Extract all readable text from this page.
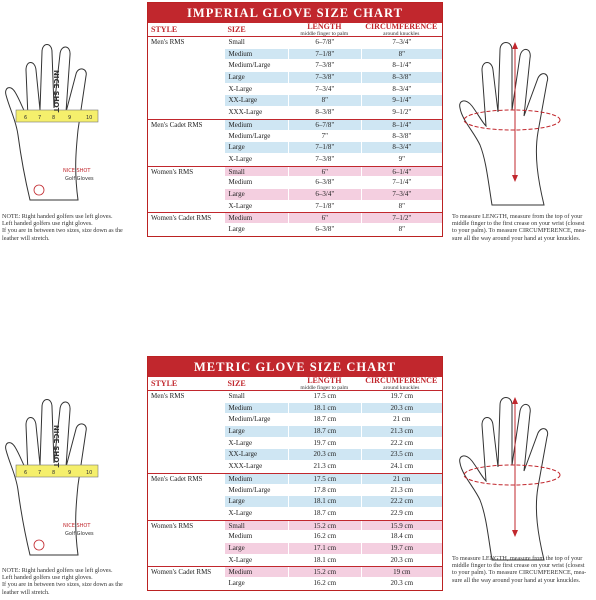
6 7 8	9	10
NICE SHOT
NICE SHOT
Golf Gloves
NOTE: Right handed golfers use left gloves.
Left handed golfers use right gloves.
If you are in between two sizes, size down as the
leather will stretch.
IMPERIAL GLOVE SIZE CHART
STYLE	SIZE	LENGTH
middle finger to palm
CIRCUMFERENCE
around knuckles
Men's RMS	Small	6–7/8"	7–3/4"
Medium	7–1/8"	8"
Medium/Large	7–3/8"	8–1/4"
Large	7–3/8"	8–3/8"
X-Large	7–3/4"	8–3/4"
XX-Large	8"	9–1/4"
XXX-Large	8–3/8"	9–1/2"
Men's Cadet RMS	Medium	6–7/8"	8–1/4"
Medium/Large	7"	8–3/8"
Large	7–1/8"	8–3/4"
X-Large	7–3/8"	9"
Women's RMS	Small	6"	6–1/4"
Medium	6–3/8"	7–1/4"
Large	6–3/4"	7–3/4"
X-Large	7–1/8"	8"
Women's Cadet RMS	Medium	6"	7–1/2"
Large	6–3/8"	8"
To measure LENGTH, measure from the top of your
middle finger to the first crease on your wrist (closest
to your palm). To measure CIRCUMFERENCE, mea-
sure all the way around your hand at your knuckles.
6 7 8	9	10
NICE SHOT
NICE SHOT
Golf Gloves
NOTE: Right handed golfers use left gloves.
Left handed golfers use right gloves.
If you are in between two sizes, size down as the
leather will stretch.
METRIC GLOVE SIZE CHART
STYLE	SIZE	LENGTH
middle finger to palm
CIRCUMFERENCE
around knuckles
Men's RMS	Small	17.5 cm	19.7 cm
Medium	18.1 cm	20.3 cm
Medium/Large	18.7 cm	21 cm
Large	18.7 cm	21.3 cm
X-Large	19.7 cm	22.2 cm
XX-Large	20.3 cm	23.5 cm
XXX-Large	21.3 cm	24.1 cm
Men's Cadet RMS	Medium	17.5 cm	21 cm
Medium/Large	17.8 cm	21.3 cm
Large	18.1 cm	22.2 cm
X-Large	18.7 cm	22.9 cm
Women's RMS	Small	15.2 cm	15.9 cm
Medium	16.2 cm	18.4 cm
Large	17.1 cm	19.7 cm
X-Large	18.1 cm	20.3 cm
Women's Cadet RMS	Medium	15.2 cm	19 cm
Large	16.2 cm	20.3 cm
To measure LENGTH, measure from the top of your
middle finger to the first crease on your wrist (closest
to your palm). To measure CIRCUMFERENCE, mea-
sure all the way around your hand at your knuckles.
